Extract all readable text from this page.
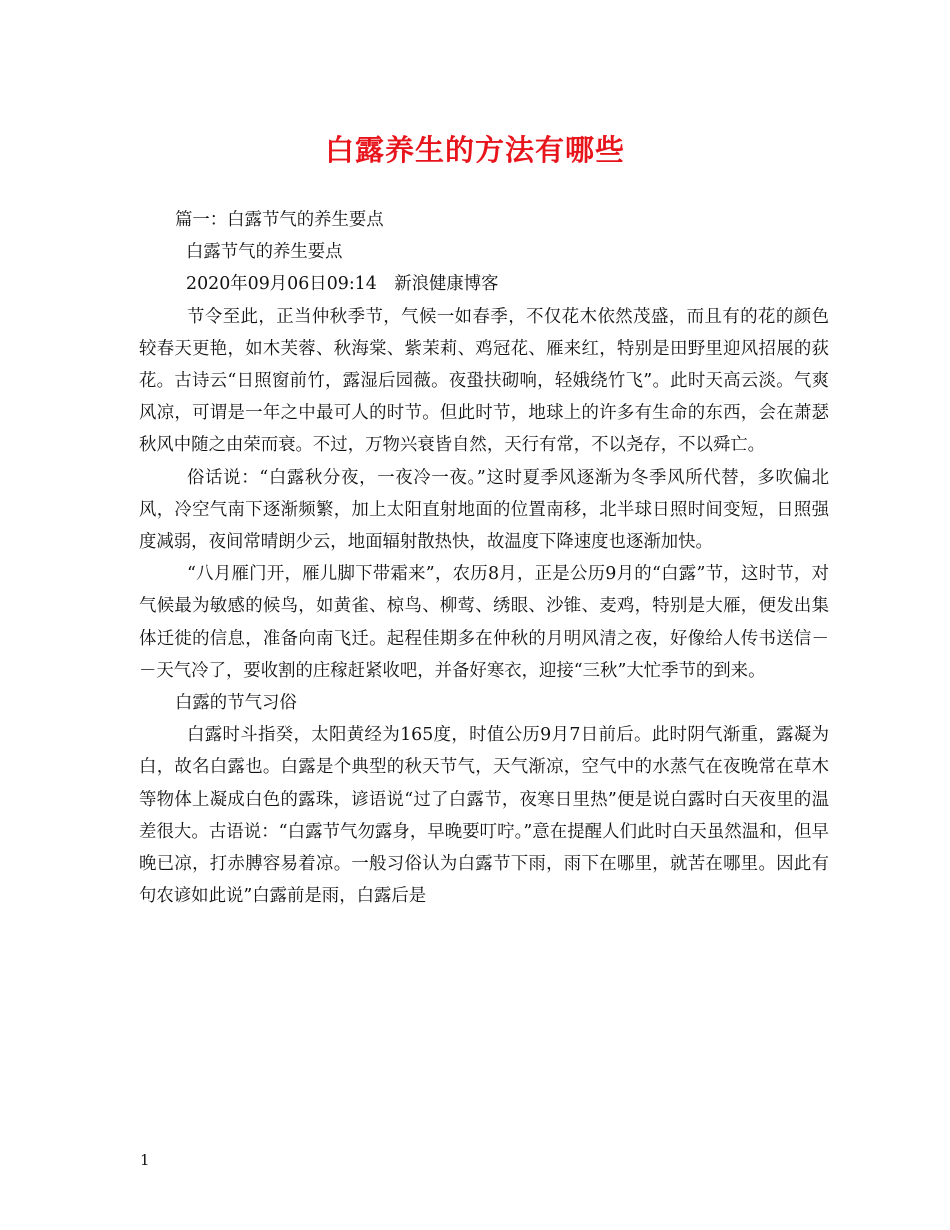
白露养生的方法有哪些

篇一：白露节气的养生要点

白露节气的养生要点

2020年09月06日09:14　新浪健康博客

节令至此，正当仲秋季节，气候一如春季，不仅花木依然茂盛，而且有的花的颜色较春天更艳，如木芙蓉、秋海棠、紫茉莉、鸡冠花、雁来红，特别是田野里迎风招展的荻花。古诗云“日照窗前竹，露湿后园薇。夜蛩扶砌响，轻娥绕竹飞”。此时天高云淡。气爽风凉，可谓是一年之中最可人的时节。但此时节，地球上的许多有生命的东西，会在萧瑟秋风中随之由荣而衰。不过，万物兴衰皆自然，天行有常，不以尧存，不以舜亡。

俗话说：“白露秋分夜，一夜冷一夜。”这时夏季风逐渐为冬季风所代替，多吹偏北风，冷空气南下逐渐频繁，加上太阳直射地面的位置南移，北半球日照时间变短，日照强度减弱，夜间常晴朗少云，地面辐射散热快，故温度下降速度也逐渐加快。

“八月雁门开，雁儿脚下带霜来”，农历8月，正是公历9月的“白露”节，这时节，对气候最为敏感的候鸟，如黄雀、椋鸟、柳莺、绣眼、沙锥、麦鸡，特别是大雁，便发出集体迁徙的信息，准备向南飞迁。起程佳期多在仲秋的月明风清之夜，好像给人传书送信－－天气冷了，要收割的庄稼赶紧收吧，并备好寒衣，迎接“三秋”大忙季节的到来。

白露的节气习俗

白露时斗指癸，太阳黄经为165度，时值公历9月7日前后。此时阴气渐重，露凝为白，故名白露也。白露是个典型的秋天节气，天气渐凉，空气中的水蒸气在夜晚常在草木等物体上凝成白色的露珠，谚语说“过了白露节，夜寒日里热”便是说白露时白天夜里的温差很大。古语说：“白露节气勿露身，早晚要叮咛。”意在提醒人们此时白天虽然温和，但早晚已凉，打赤膊容易着凉。一般习俗认为白露节下雨，雨下在哪里，就苦在哪里。因此有句农谚如此说”白露前是雨，白露后是

1
